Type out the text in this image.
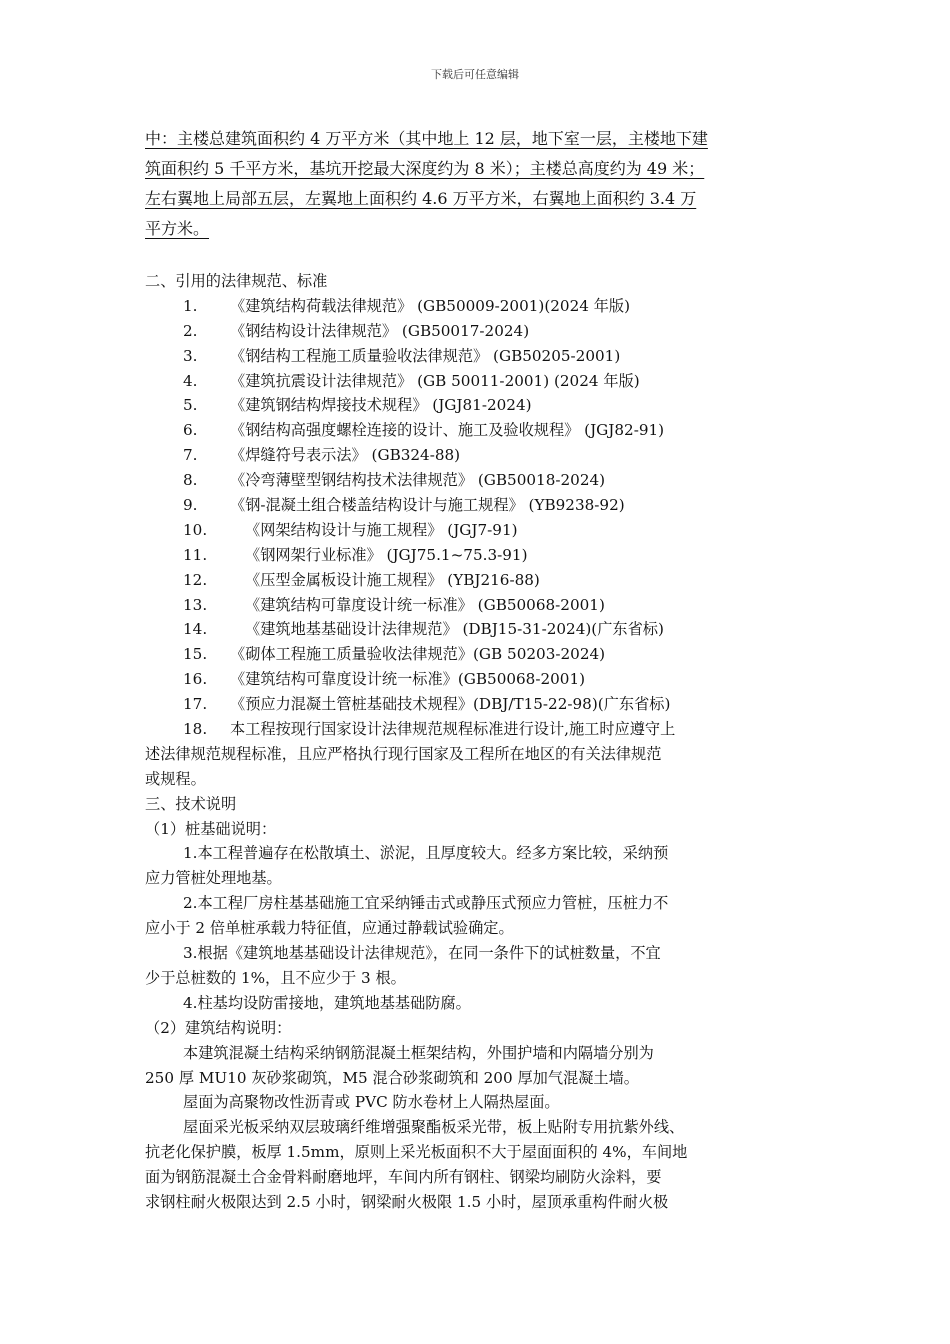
下载后可任意编辑
中：主楼总建筑面积约 4 万平方米（其中地上 12 层，地下室一层，主楼地下建
筑面积约 5 千平方米，基坑开挖最大深度约为 8 米）；主楼总高度约为 49 米；
左右翼地上局部五层，左翼地上面积约 4.6 万平方米，右翼地上面积约 3.4 万
平方米。
二、引用的法律规范、标准
1. 《建筑结构荷载法律规范》 (GB50009-2001)(2024 年版)
2. 《钢结构设计法律规范》 (GB50017-2024)
3. 《钢结构工程施工质量验收法律规范》 (GB50205-2001)
4. 《建筑抗震设计法律规范》 (GB 50011-2001) (2024 年版)
5. 《建筑钢结构焊接技术规程》 (JGJ81-2024)
6. 《钢结构高强度螺栓连接的设计、施工及验收规程》 (JGJ82-91)
7. 《焊缝符号表示法》 (GB324-88)
8. 《冷弯薄壁型钢结构技术法律规范》 (GB50018-2024)
9. 《钢-混凝土组合楼盖结构设计与施工规程》 (YB9238-92)
10. 《网架结构设计与施工规程》 (JGJ7-91)
11. 《钢网架行业标准》 (JGJ75.1~75.3-91)
12. 《压型金属板设计施工规程》 (YBJ216-88)
13. 《建筑结构可靠度设计统一标准》 (GB50068-2001)
14. 《建筑地基基础设计法律规范》 (DBJ15-31-2024)(广东省标)
15. 《砌体工程施工质量验收法律规范》(GB 50203-2024)
16. 《建筑结构可靠度设计统一标准》(GB50068-2001)
17. 《预应力混凝土管桩基础技术规程》(DBJ/T15-22-98)(广东省标)
18. 本工程按现行国家设计法律规范规程标准进行设计,施工时应遵守上
述法律规范规程标准，且应严格执行现行国家及工程所在地区的有关法律规范
或规程。
三、技术说明
（1）桩基础说明：
1.本工程普遍存在松散填土、淤泥，且厚度较大。经多方案比较，采纳预
应力管桩处理地基。
2.本工程厂房柱基基础施工宜采纳锤击式或静压式预应力管桩，压桩力不
应小于 2 倍单桩承载力特征值，应通过静载试验确定。
3.根据《建筑地基基础设计法律规范》，在同一条件下的试桩数量，不宜
少于总桩数的 1%，且不应少于 3 根。
4.柱基均设防雷接地，建筑地基基础防腐。
（2）建筑结构说明：
本建筑混凝土结构采纳钢筋混凝土框架结构，外围护墙和内隔墙分别为
250 厚 MU10 灰砂浆砌筑，M5 混合砂浆砌筑和 200 厚加气混凝土墙。
屋面为高聚物改性沥青或 PVC 防水卷材上人隔热屋面。
屋面采光板采纳双层玻璃纤维增强聚酯板采光带，板上贴附专用抗紫外线、
抗老化保护膜，板厚 1.5mm，原则上采光板面积不大于屋面面积的 4%，车间地
面为钢筋混凝土合金骨料耐磨地坪，车间内所有钢柱、钢梁均刷防火涂料，要
求钢柱耐火极限达到 2.5 小时，钢梁耐火极限 1.5 小时，屋顶承重构件耐火极
